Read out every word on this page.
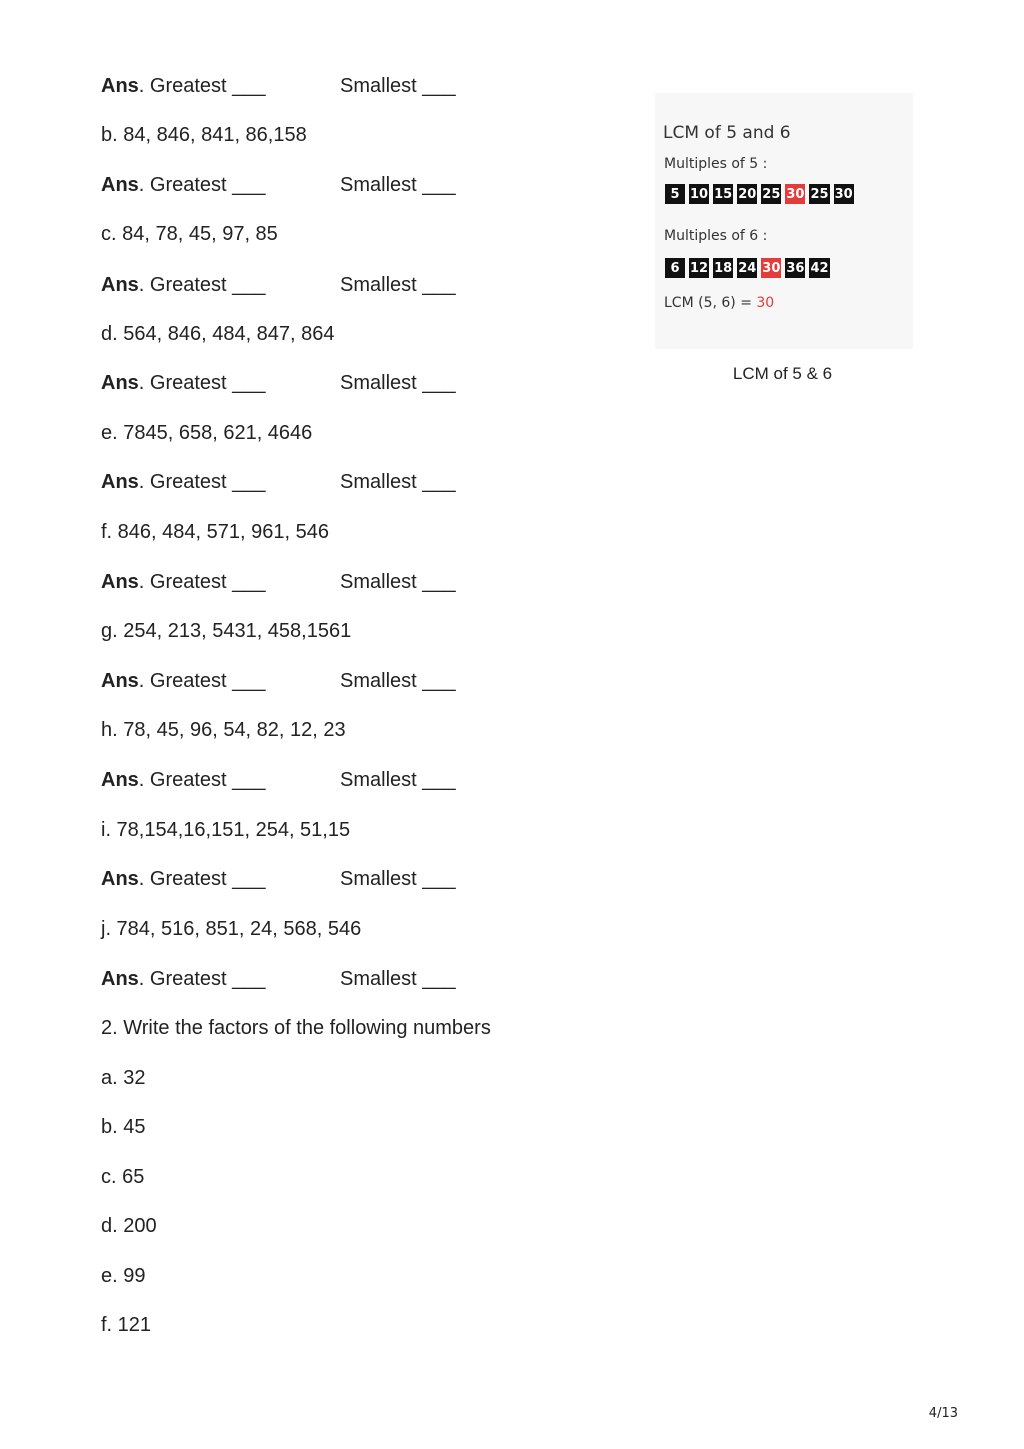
Ans. Greatest ___	Smallest ___
b. 84, 846, 841, 86,158
Ans. Greatest ___	Smallest ___
c. 84, 78, 45, 97, 85
Ans. Greatest ___	Smallest ___
d. 564, 846, 484, 847, 864
Ans. Greatest ___	Smallest ___
e. 7845, 658, 621, 4646
Ans. Greatest ___	Smallest ___
f. 846, 484, 571, 961, 546
Ans. Greatest ___	Smallest ___
g. 254, 213, 5431, 458,1561
Ans. Greatest ___	Smallest ___
h. 78, 45, 96, 54, 82, 12, 23
Ans. Greatest ___	Smallest ___
i. 78,154,16,151, 254, 51,15
Ans. Greatest ___	Smallest ___
j. 784, 516, 851, 24, 568, 546
Ans. Greatest ___	Smallest ___
2. Write the factors of the following numbers
a. 32
b. 45
c. 65
d. 200
e. 99
f. 121
LCM of 5 and 6
Multiples of 5 :
5 10 15 20 25 30 25 30
Multiples of 6 :
6 12 18 24 30 36 42
LCM (5, 6) = 30
LCM of 5 & 6
4/13
